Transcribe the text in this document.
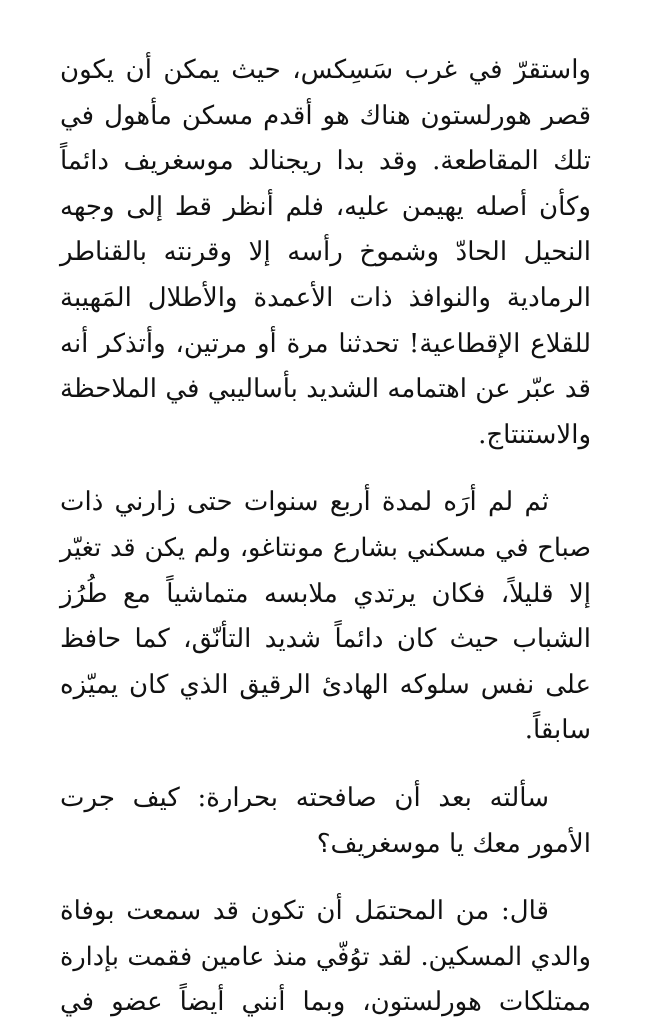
واستقرّ في غرب سَسِكس، حيث يمكن أن يكون
قصر هورلستون هناك هو أقدم مسكن مأهول في
تلك المقاطعة. وقد بدا ريجنالد موسغريف دائماً
وكأن أصله يهيمن عليه، فلم أنظر قط إلى وجهه
النحيل الحادّ وشموخ رأسه إلا وقرنته بالقناطر
الرمادية والنوافذ ذات الأعمدة والأطلال المَهيبة
للقلاع الإقطاعية! تحدثنا مرة أو مرتين، وأتذكر أنه
قد عبّر عن اهتمامه الشديد بأساليبي في الملاحظة
والاستنتاج.
ثم لم أرَه لمدة أربع سنوات حتى زارني ذات
صباح في مسكني بشارع مونتاغو، ولم يكن قد تغيّر
إلا قليلاً، فكان يرتدي ملابسه متماشياً مع طُرُز
الشباب حيث كان دائماً شديد التأنّق، كما حافظ
على نفس سلوكه الهادئ الرقيق الذي كان يميّزه
سابقاً.
سألته بعد أن صافحته بحرارة: كيف جرت
الأمور معك يا موسغريف؟
قال: من المحتمَل أن تكون قد سمعت بوفاة
والدي المسكين. لقد توُفّي منذ عامين فقمت بإدارة
ممتلكات هورلستون، وبما أنني أيضاً عضو في
